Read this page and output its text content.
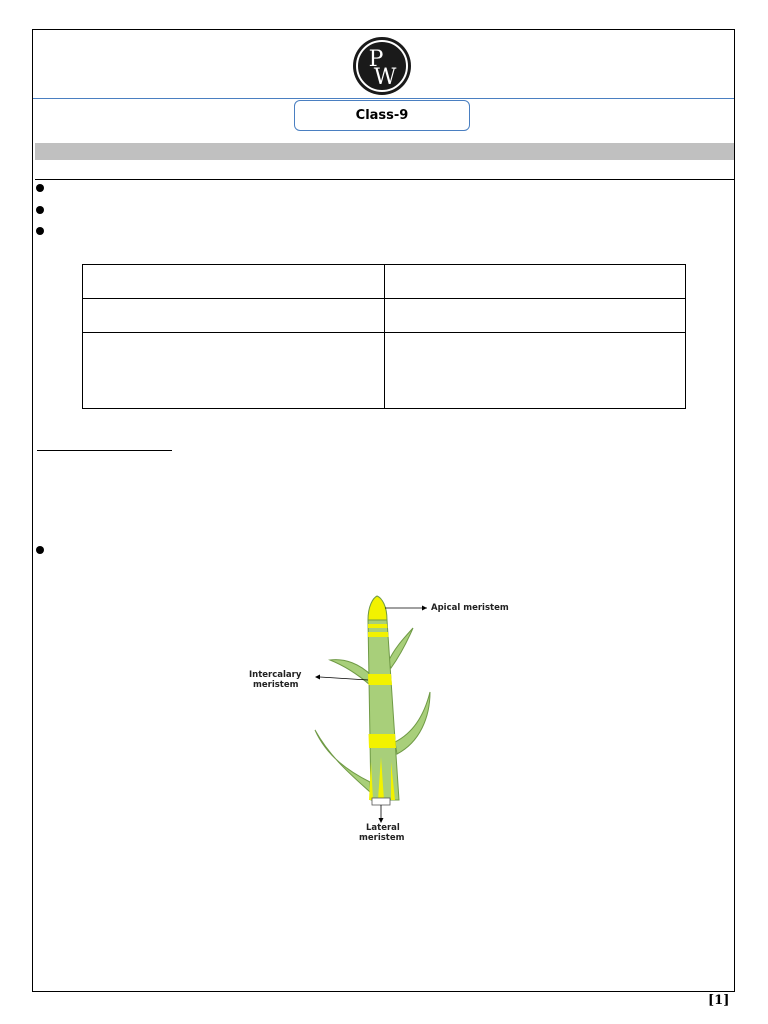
P
W
Class-9
Apical meristem
Intercalary
meristem
Lateral
meristem
[1]
